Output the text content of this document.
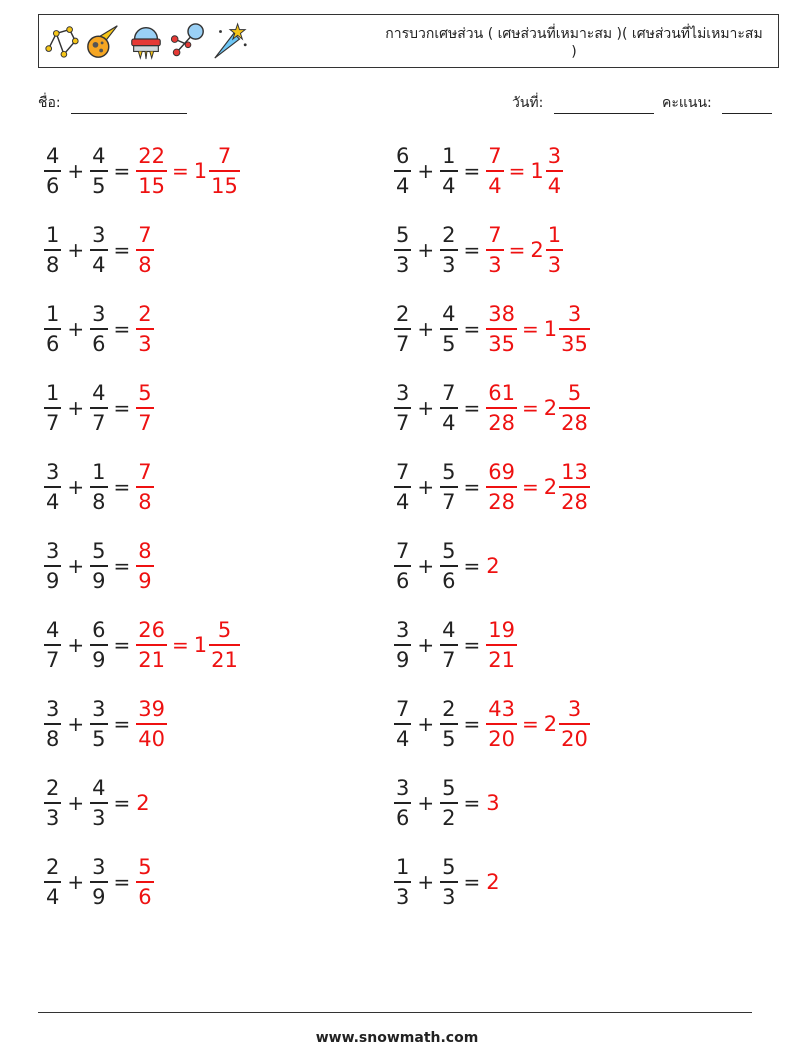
การบวกเศษส่วน ( เศษส่วนที่เหมาะสม )( เศษส่วนที่ไม่เหมาะสม )
ชื่อ:	วันที่:	คะแนน:
$\frac{4}{6} + \frac{4}{5} = \frac{22}{15} = 1 \frac{7}{15}$	$\frac{6}{4} + \frac{1}{4} = \frac{7}{4} = 1 \frac{3}{4}$
$\frac{1}{8} + \frac{3}{4} = \frac{7}{8}$	$\frac{5}{3} + \frac{2}{3} = \frac{7}{3} = 2 \frac{1}{3}$
$\frac{1}{6} + \frac{3}{6} = \frac{2}{3}$	$\frac{2}{7} + \frac{4}{5} = \frac{38}{35} = 1 \frac{3}{35}$
$\frac{1}{7} + \frac{4}{7} = \frac{5}{7}$	$\frac{3}{7} + \frac{7}{4} = \frac{61}{28} = 2 \frac{5}{28}$
$\frac{3}{4} + \frac{1}{8} = \frac{7}{8}$	$\frac{7}{4} + \frac{5}{7} = \frac{69}{28} = 2 \frac{13}{28}$
$\frac{3}{9} + \frac{5}{9} = \frac{8}{9}$	$\frac{7}{6} + \frac{5}{6} = 2$
$\frac{4}{7} + \frac{6}{9} = \frac{26}{21} = 1 \frac{5}{21}$	$\frac{3}{9} + \frac{4}{7} = \frac{19}{21}$
$\frac{3}{8} + \frac{3}{5} = \frac{39}{40}$	$\frac{7}{4} + \frac{2}{5} = \frac{43}{20} = 2 \frac{3}{20}$
$\frac{2}{3} + \frac{4}{3} = 2$	$\frac{3}{6} + \frac{5}{2} = 3$
$\frac{2}{4} + \frac{3}{9} = \frac{5}{6}$	$\frac{1}{3} + \frac{5}{3} = 2$
www.snowmath.com
